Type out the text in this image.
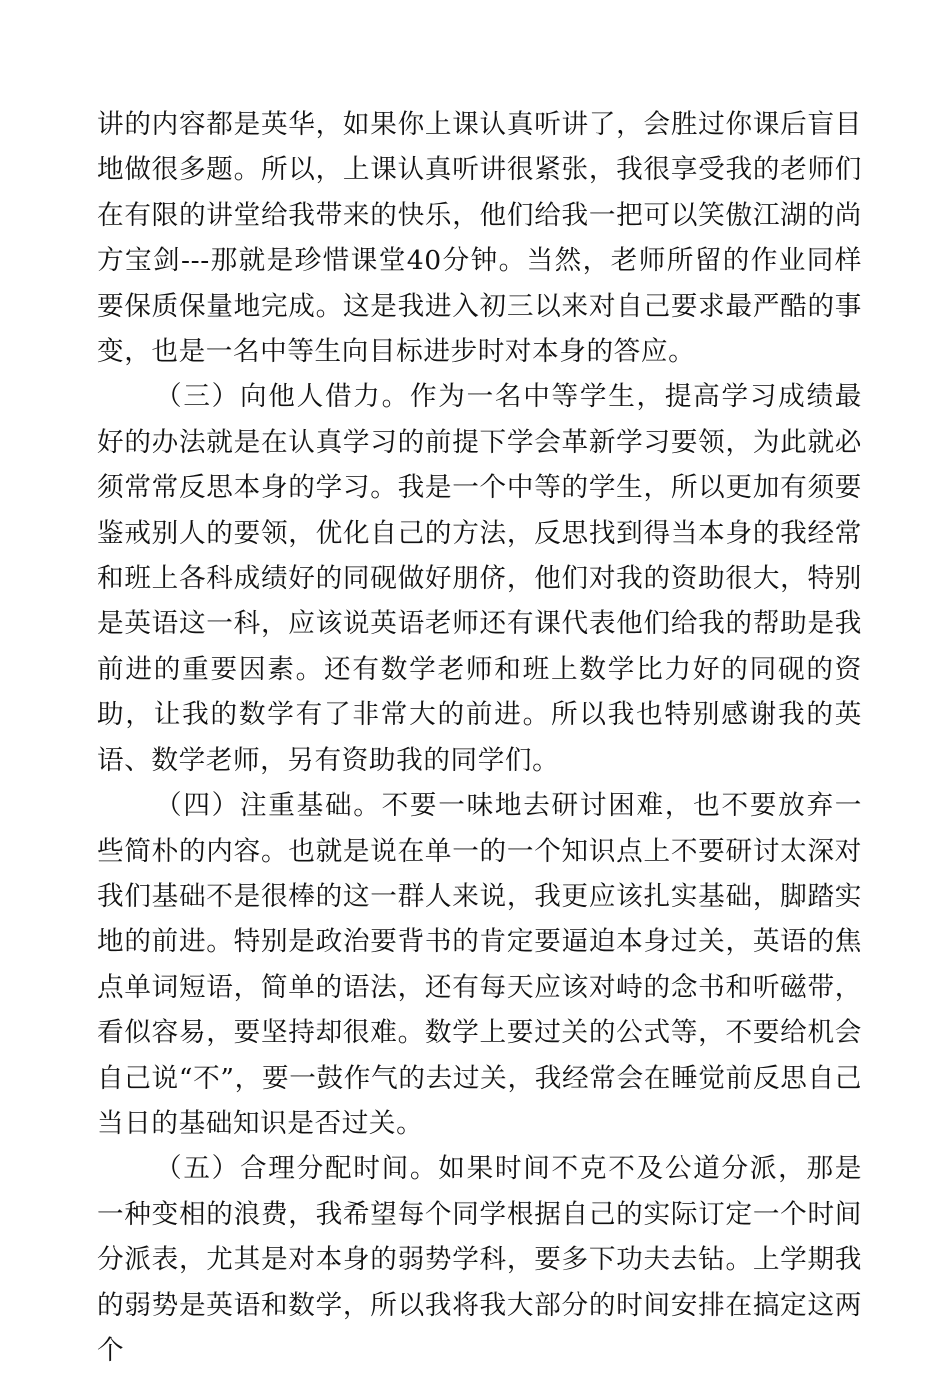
讲的内容都是英华，如果你上课认真听讲了，会胜过你课后盲目地做很多题。所以，上课认真听讲很紧张，我很享受我的老师们在有限的讲堂给我带来的快乐，他们给我一把可以笑傲江湖的尚方宝剑---那就是珍惜课堂40分钟。当然，老师所留的作业同样要保质保量地完成。这是我进入初三以来对自己要求最严酷的事变，也是一名中等生向目标进步时对本身的答应。

（三）向他人借力。作为一名中等学生，提高学习成绩最好的办法就是在认真学习的前提下学会革新学习要领，为此就必须常常反思本身的学习。我是一个中等的学生，所以更加有须要鉴戒别人的要领，优化自己的方法，反思找到得当本身的我经常和班上各科成绩好的同砚做好朋侪，他们对我的资助很大，特别是英语这一科，应该说英语老师还有课代表他们给我的帮助是我前进的重要因素。还有数学老师和班上数学比力好的同砚的资助，让我的数学有了非常大的前进。所以我也特别感谢我的英语、数学老师，另有资助我的同学们。

（四）注重基础。不要一味地去研讨困难，也不要放弃一些简朴的内容。也就是说在单一的一个知识点上不要研讨太深对我们基础不是很棒的这一群人来说，我更应该扎实基础，脚踏实地的前进。特别是政治要背书的肯定要逼迫本身过关，英语的焦点单词短语，简单的语法，还有每天应该对峙的念书和听磁带，看似容易，要坚持却很难。数学上要过关的公式等，不要给机会自己说“不”，要一鼓作气的去过关，我经常会在睡觉前反思自己当日的基础知识是否过关。

（五）合理分配时间。如果时间不克不及公道分派，那是一种变相的浪费，我希望每个同学根据自己的实际订定一个时间分派表，尤其是对本身的弱势学科，要多下功夫去钻。上学期我的弱势是英语和数学，所以我将我大部分的时间安排在搞定这两个
